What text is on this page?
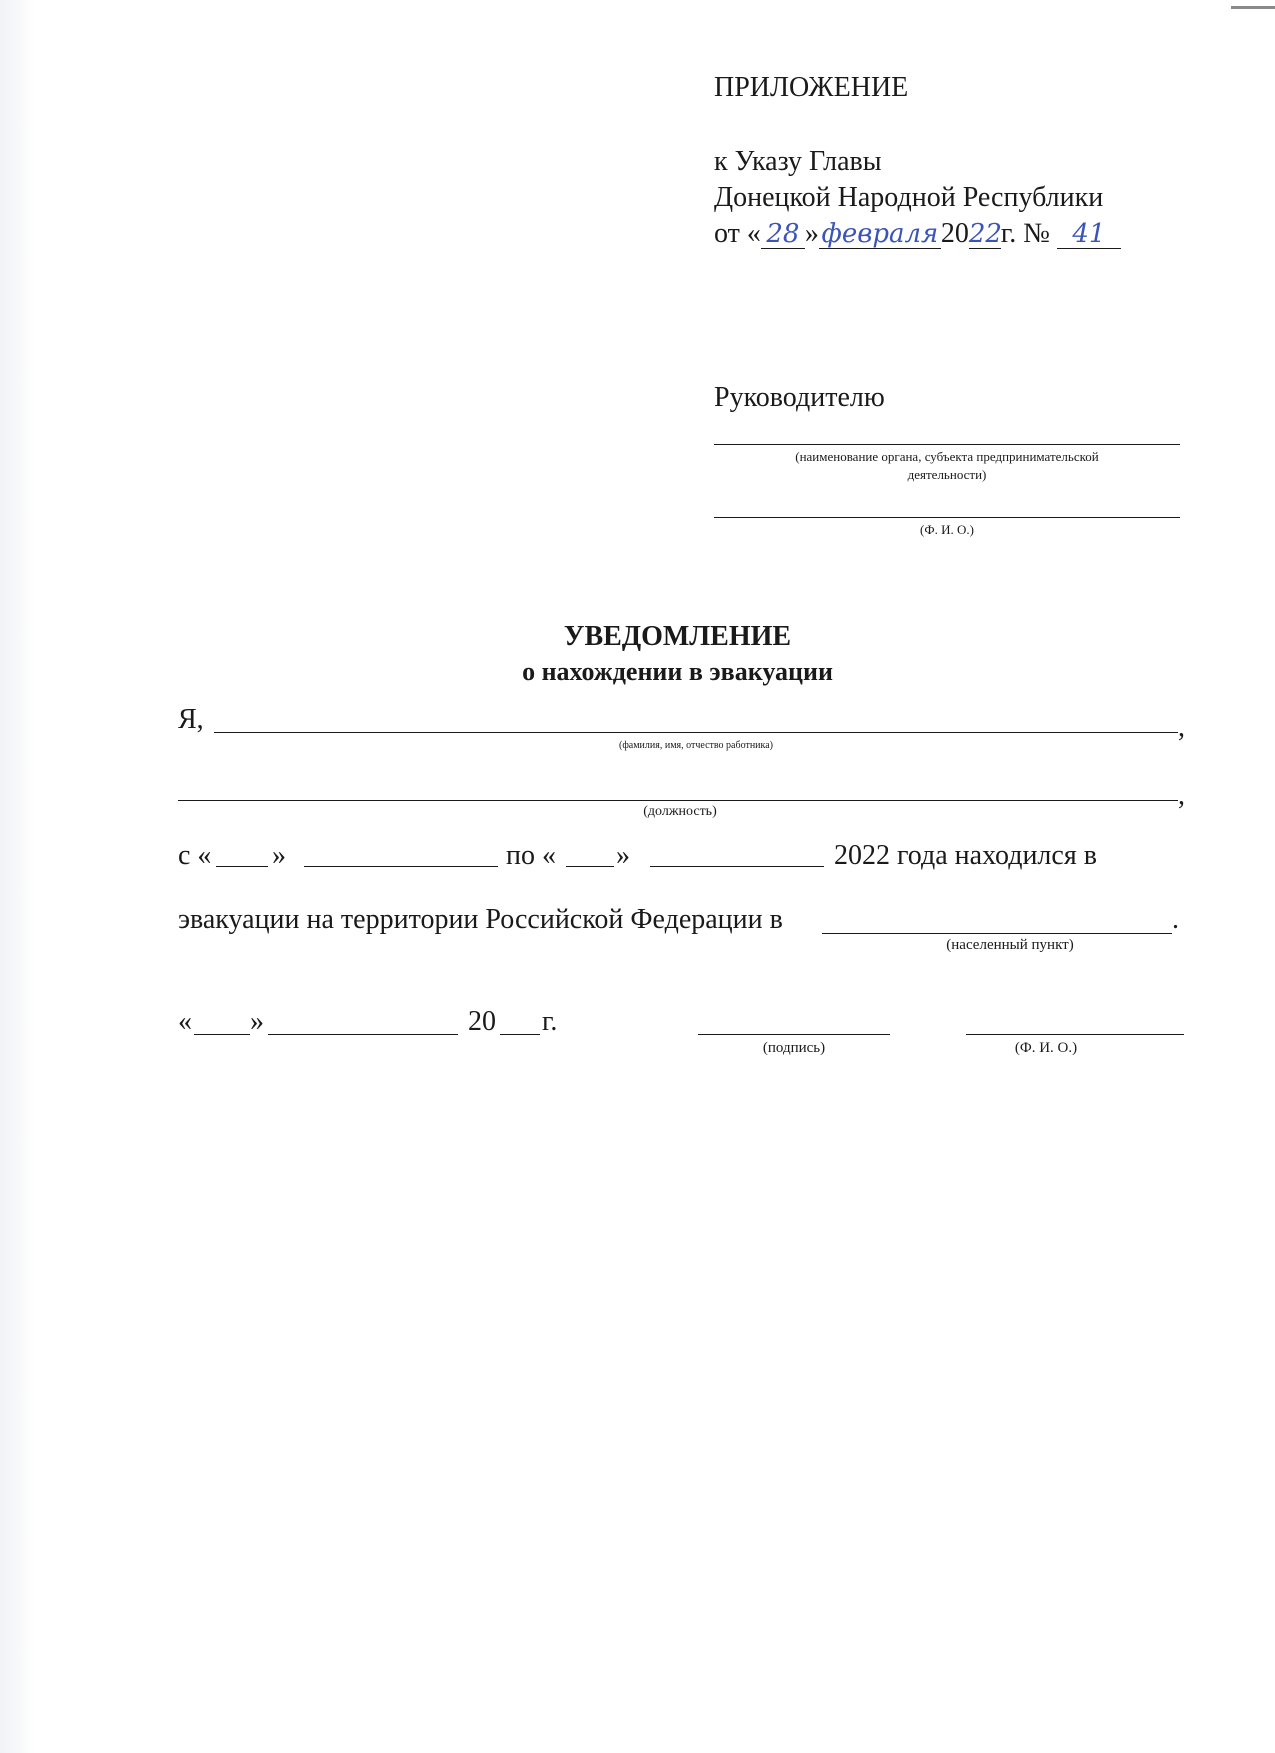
ПРИЛОЖЕНИЕ
к Указу Главы
Донецкой Народной Республики
от « 28 »февраля2022г. № 41
Руководителю
(наименование органа, субъекта предпринимательской
деятельности)
(Ф. И. О.)
УВЕДОМЛЕНИЕ
о нахождении в эвакуации
Я,	,
(фамилия, имя, отчество работника)
,
(должность)
с « »	по « »	2022 года находился в
эвакуации на территории Российской Федерации в	.
(населенный пункт)
« »	20 г.
(подпись)	(Ф. И. О.)
